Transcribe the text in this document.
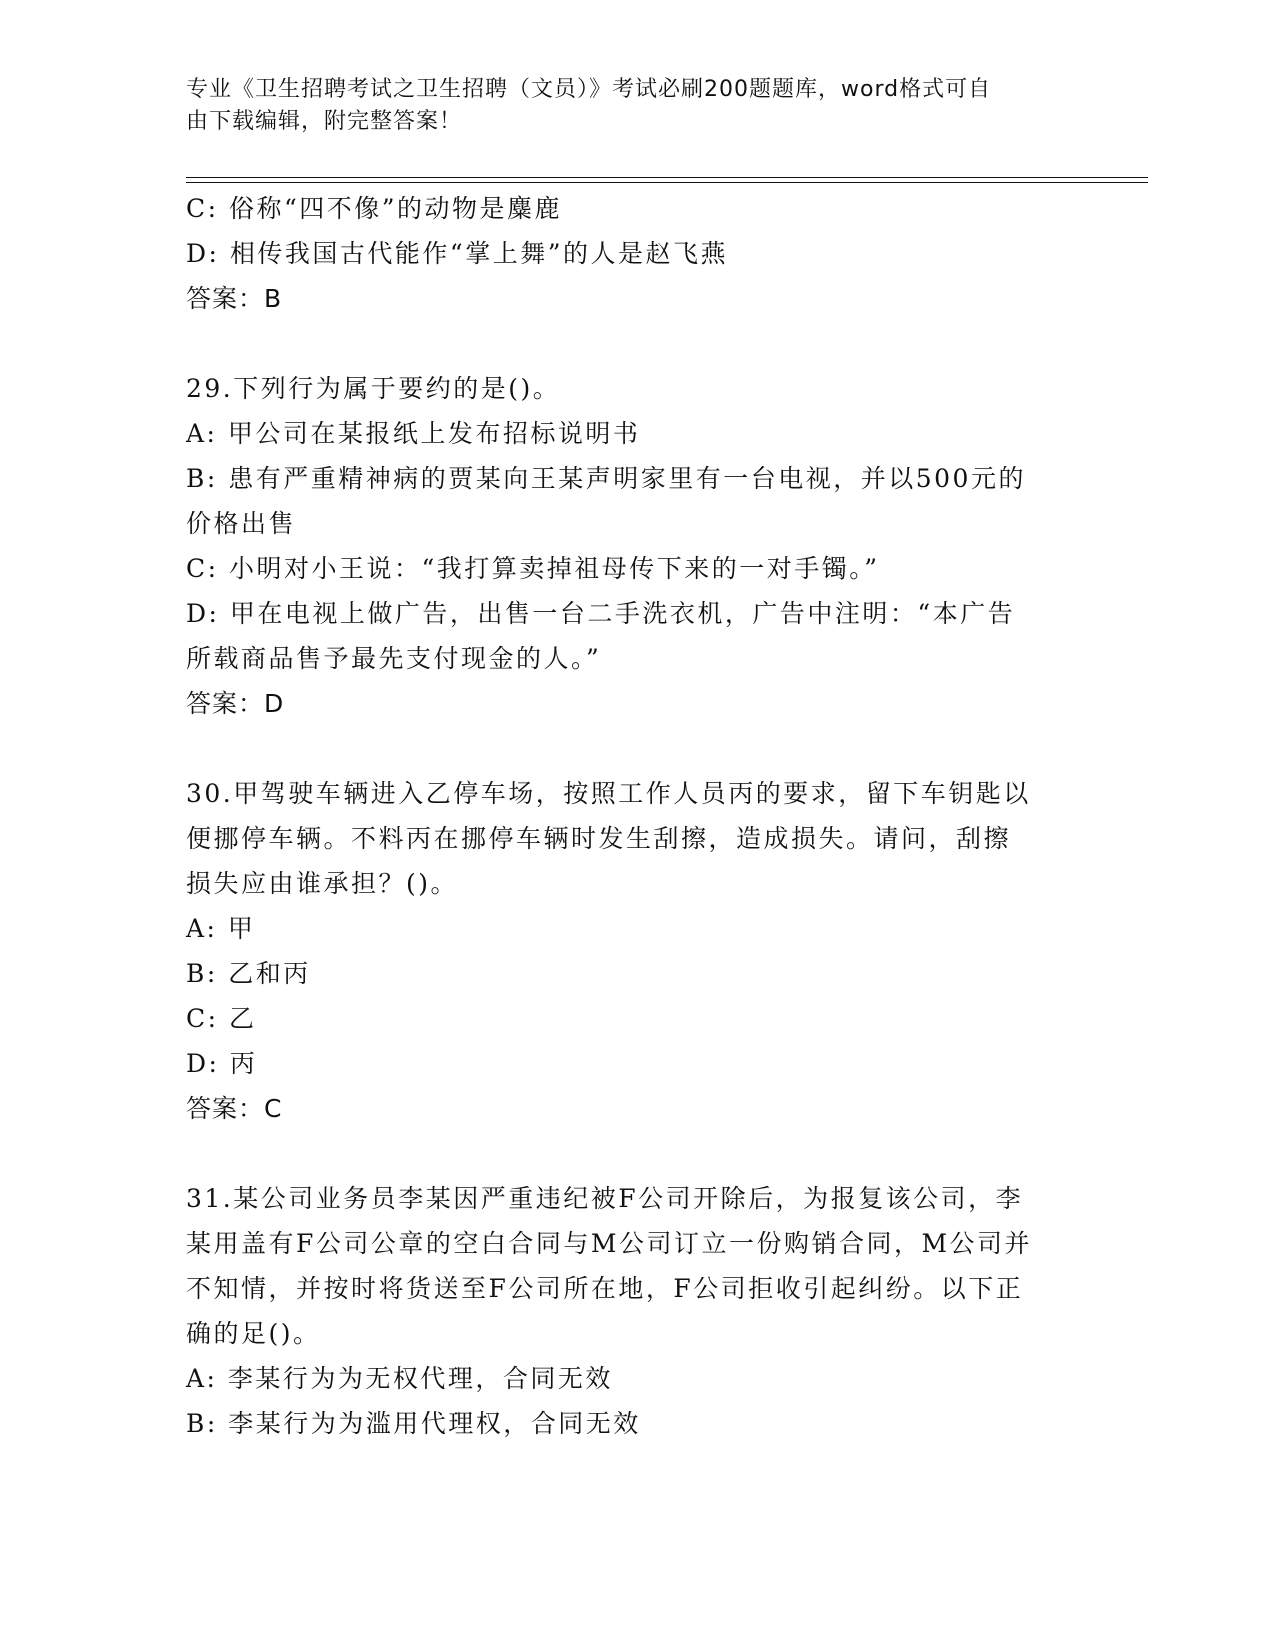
专业《卫生招聘考试之卫生招聘（文员）》考试必刷200题题库，word格式可自
由下载编辑，附完整答案！
C: 俗称“四不像”的动物是麋鹿
D: 相传我国古代能作“掌上舞”的人是赵飞燕
答案：B
29.下列行为属于要约的是()。
A: 甲公司在某报纸上发布招标说明书
B: 患有严重精神病的贾某向王某声明家里有一台电视，并以500元的
价格出售
C: 小明对小王说：“我打算卖掉祖母传下来的一对手镯。”
D: 甲在电视上做广告，出售一台二手洗衣机，广告中注明：“本广告
所载商品售予最先支付现金的人。”
答案：D
30.甲驾驶车辆进入乙停车场，按照工作人员丙的要求，留下车钥匙以
便挪停车辆。不料丙在挪停车辆时发生刮擦，造成损失。请问，刮擦
损失应由谁承担？()。
A: 甲
B: 乙和丙
C: 乙
D: 丙
答案：C
31.某公司业务员李某因严重违纪被F公司开除后，为报复该公司，李
某用盖有F公司公章的空白合同与M公司订立一份购销合同，M公司并
不知情，并按时将货送至F公司所在地，F公司拒收引起纠纷。以下正
确的足()。
A: 李某行为为无权代理，合同无效
B: 李某行为为滥用代理权，合同无效
